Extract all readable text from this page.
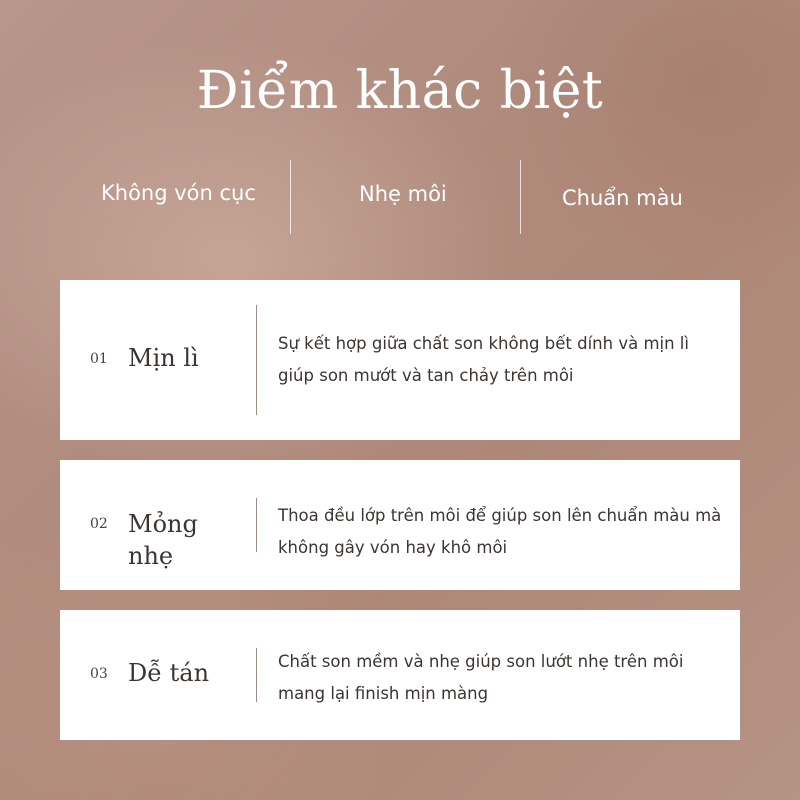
Điểm khác biệt
Không vón cục	Nhẹ môi	Chuẩn màu
01 Mịn lì
Sự kết hợp giữa chất son không bết dính và mịn lì giúp son mướt và tan chảy trên môi
02 Mỏng nhẹ
Thoa đều lớp trên môi để giúp son lên chuẩn màu mà không gây vón hay khô môi
03 Dễ tán	Chất son mềm và nhẹ giúp son lướt nhẹ trên môi mang lại finish mịn màng
